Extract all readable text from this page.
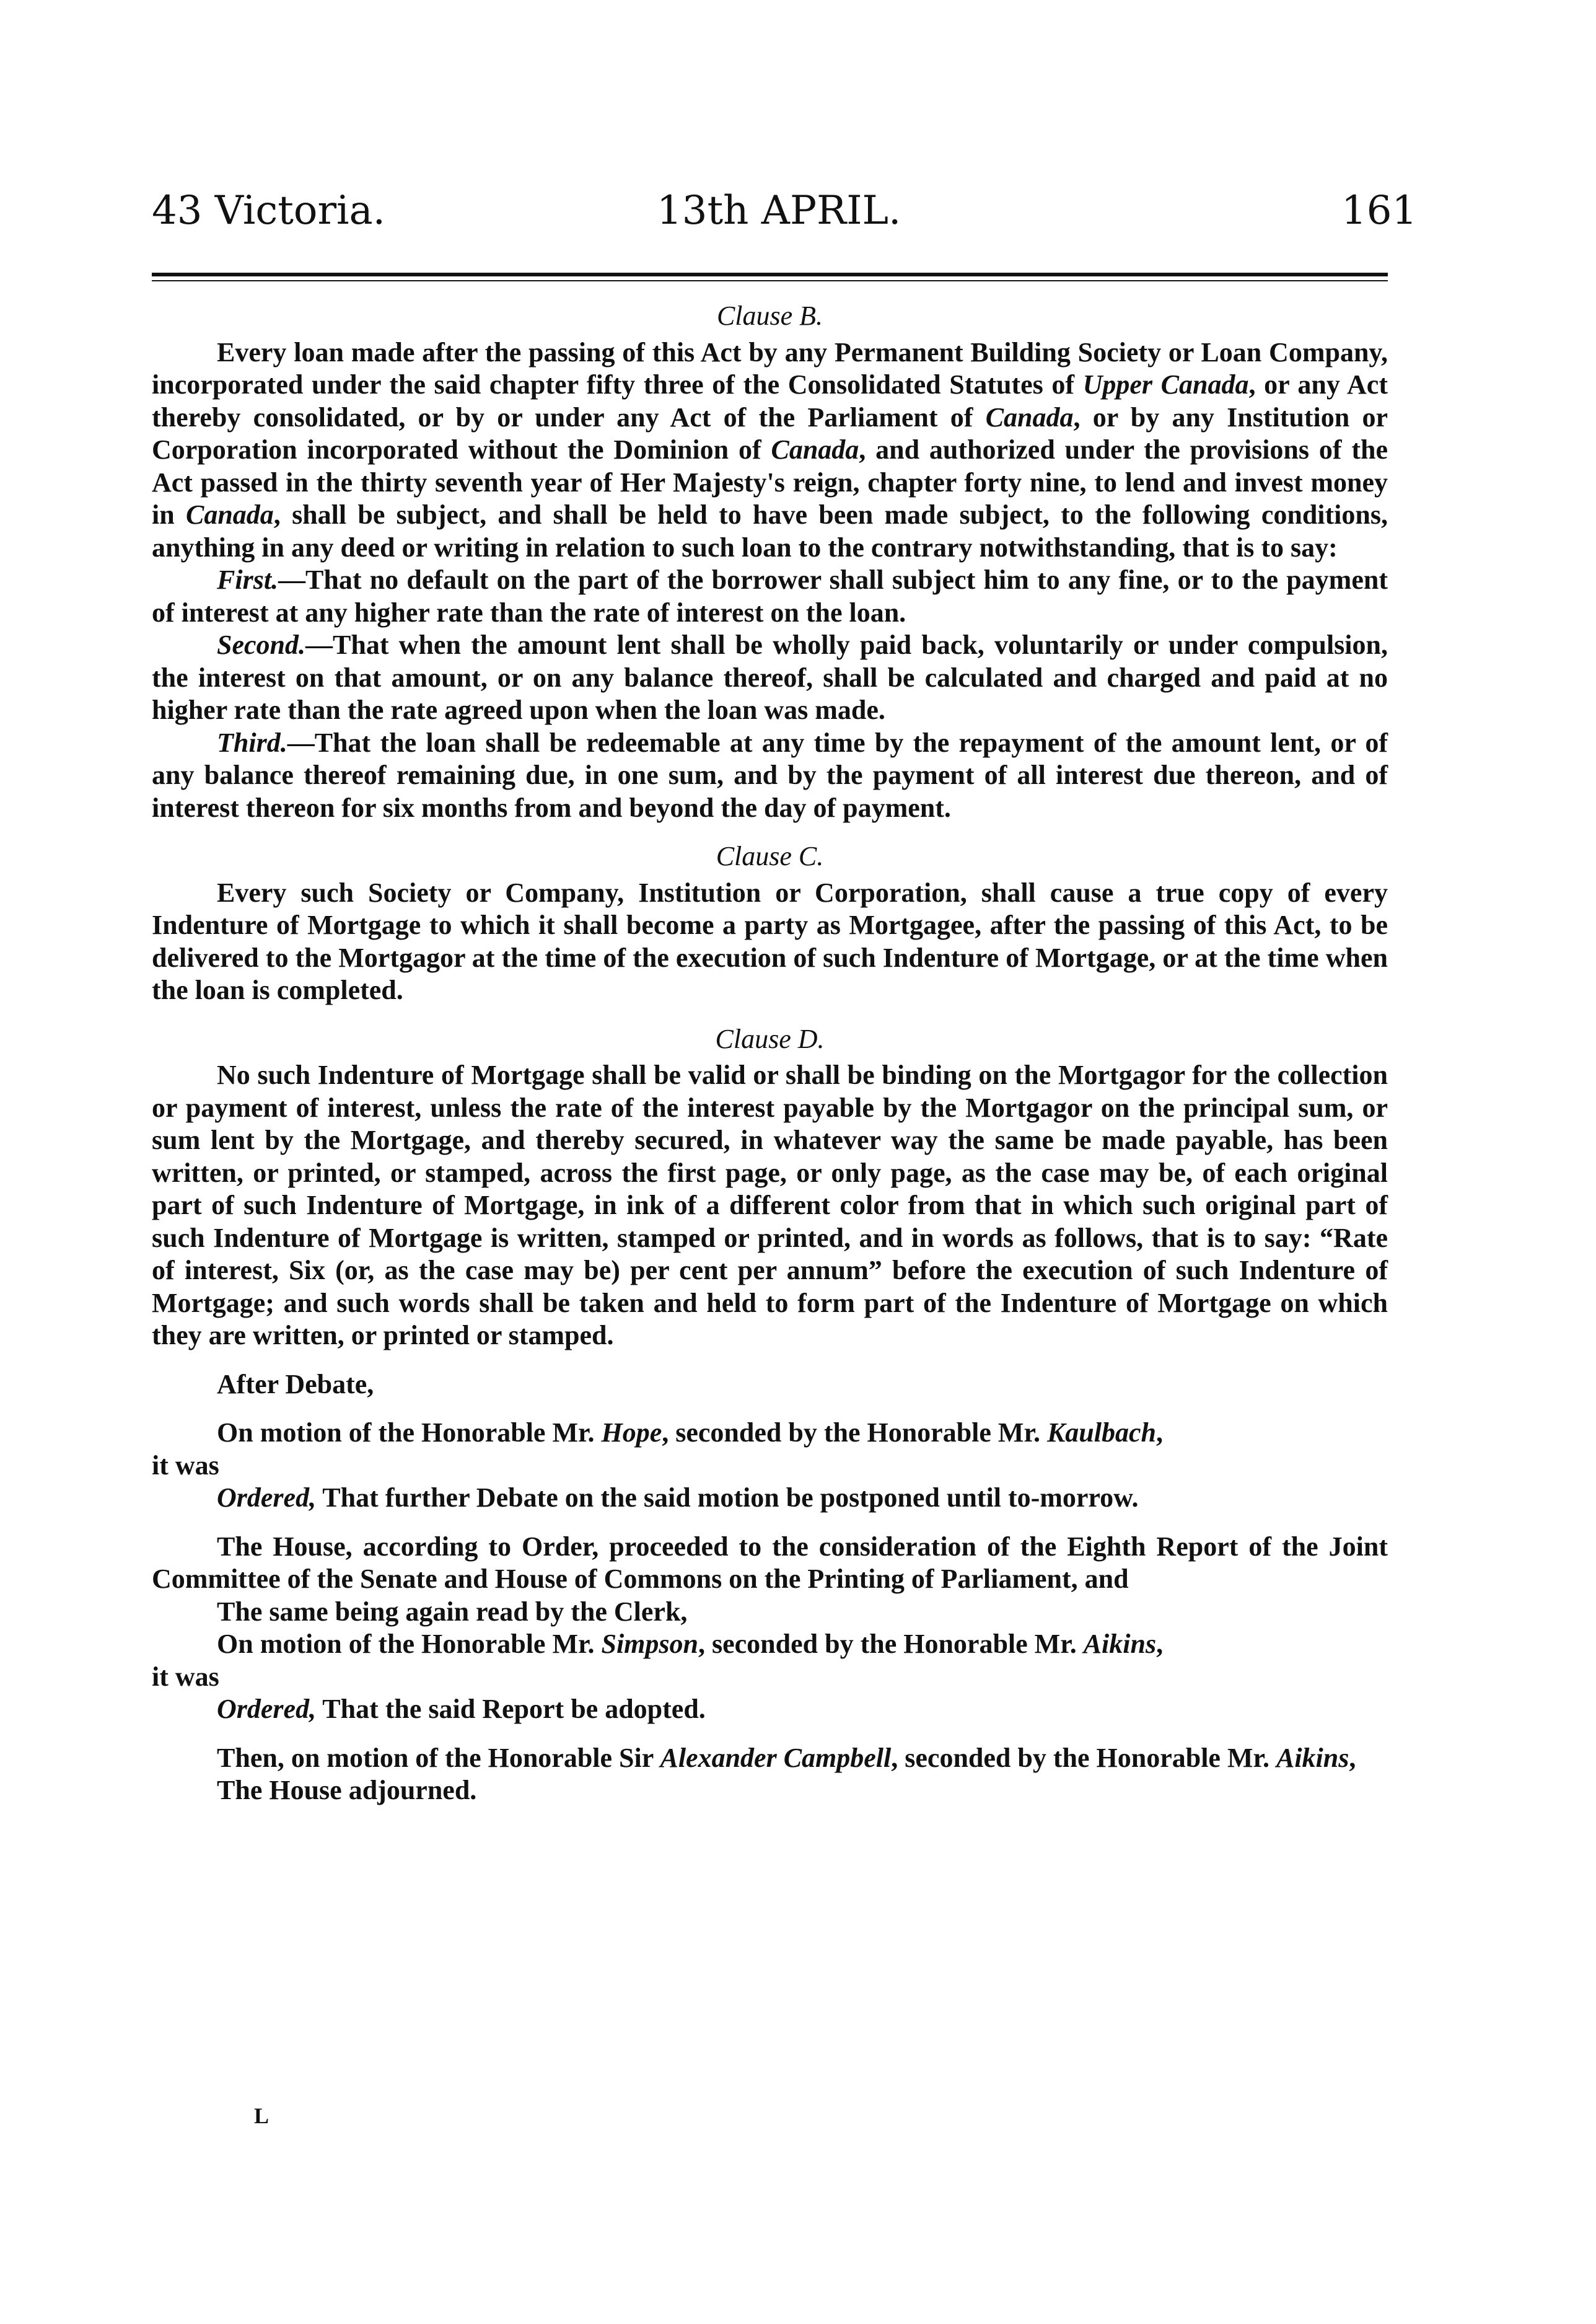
43 Victoria.	13th APRIL.	161

Clause B.

Every loan made after the passing of this Act by any Permanent Building Society or Loan Company, incorporated under the said chapter fifty three of the Consolidated Statutes of Upper Canada, or any Act thereby consolidated, or by or under any Act of the Parliament of Canada, or by any Institution or Corporation incorporated without the Dominion of Canada, and authorized under the provisions of the Act passed in the thirty seventh year of Her Majesty's reign, chapter forty nine, to lend and invest money in Canada, shall be subject, and shall be held to have been made subject, to the following conditions, anything in any deed or writing in relation to such loan to the contrary notwithstanding, that is to say:

First.—That no default on the part of the borrower shall subject him to any fine, or to the payment of interest at any higher rate than the rate of interest on the loan.

Second.—That when the amount lent shall be wholly paid back, voluntarily or under compulsion, the interest on that amount, or on any balance thereof, shall be calculated and charged and paid at no higher rate than the rate agreed upon when the loan was made.

Third.—That the loan shall be redeemable at any time by the repayment of the amount lent, or of any balance thereof remaining due, in one sum, and by the payment of all interest due thereon, and of interest thereon for six months from and beyond the day of payment.

Clause C.

Every such Society or Company, Institution or Corporation, shall cause a true copy of every Indenture of Mortgage to which it shall become a party as Mortgagee, after the passing of this Act, to be delivered to the Mortgagor at the time of the execution of such Indenture of Mortgage, or at the time when the loan is completed.

Clause D.

No such Indenture of Mortgage shall be valid or shall be binding on the Mortgagor for the collection or payment of interest, unless the rate of the interest payable by the Mortgagor on the principal sum, or sum lent by the Mortgage, and thereby secured, in whatever way the same be made payable, has been written, or printed, or stamped, across the first page, or only page, as the case may be, of each original part of such Indenture of Mortgage, in ink of a different color from that in which such original part of such Indenture of Mortgage is written, stamped or printed, and in words as follows, that is to say: “Rate of interest, Six (or, as the case may be) per cent per annum” before the execution of such Indenture of Mortgage; and such words shall be taken and held to form part of the Indenture of Mortgage on which they are written, or printed or stamped.

After Debate,

On motion of the Honorable Mr. Hope, seconded by the Honorable Mr. Kaulbach,

it was

Ordered, That further Debate on the said motion be postponed until to-morrow.

The House, according to Order, proceeded to the consideration of the Eighth Report of the Joint Committee of the Senate and House of Commons on the Printing of Parliament, and

The same being again read by the Clerk,

On motion of the Honorable Mr. Simpson, seconded by the Honorable Mr. Aikins,

it was

Ordered, That the said Report be adopted.

Then, on motion of the Honorable Sir Alexander Campbell, seconded by the Honorable Mr. Aikins,

The House adjourned.

L
